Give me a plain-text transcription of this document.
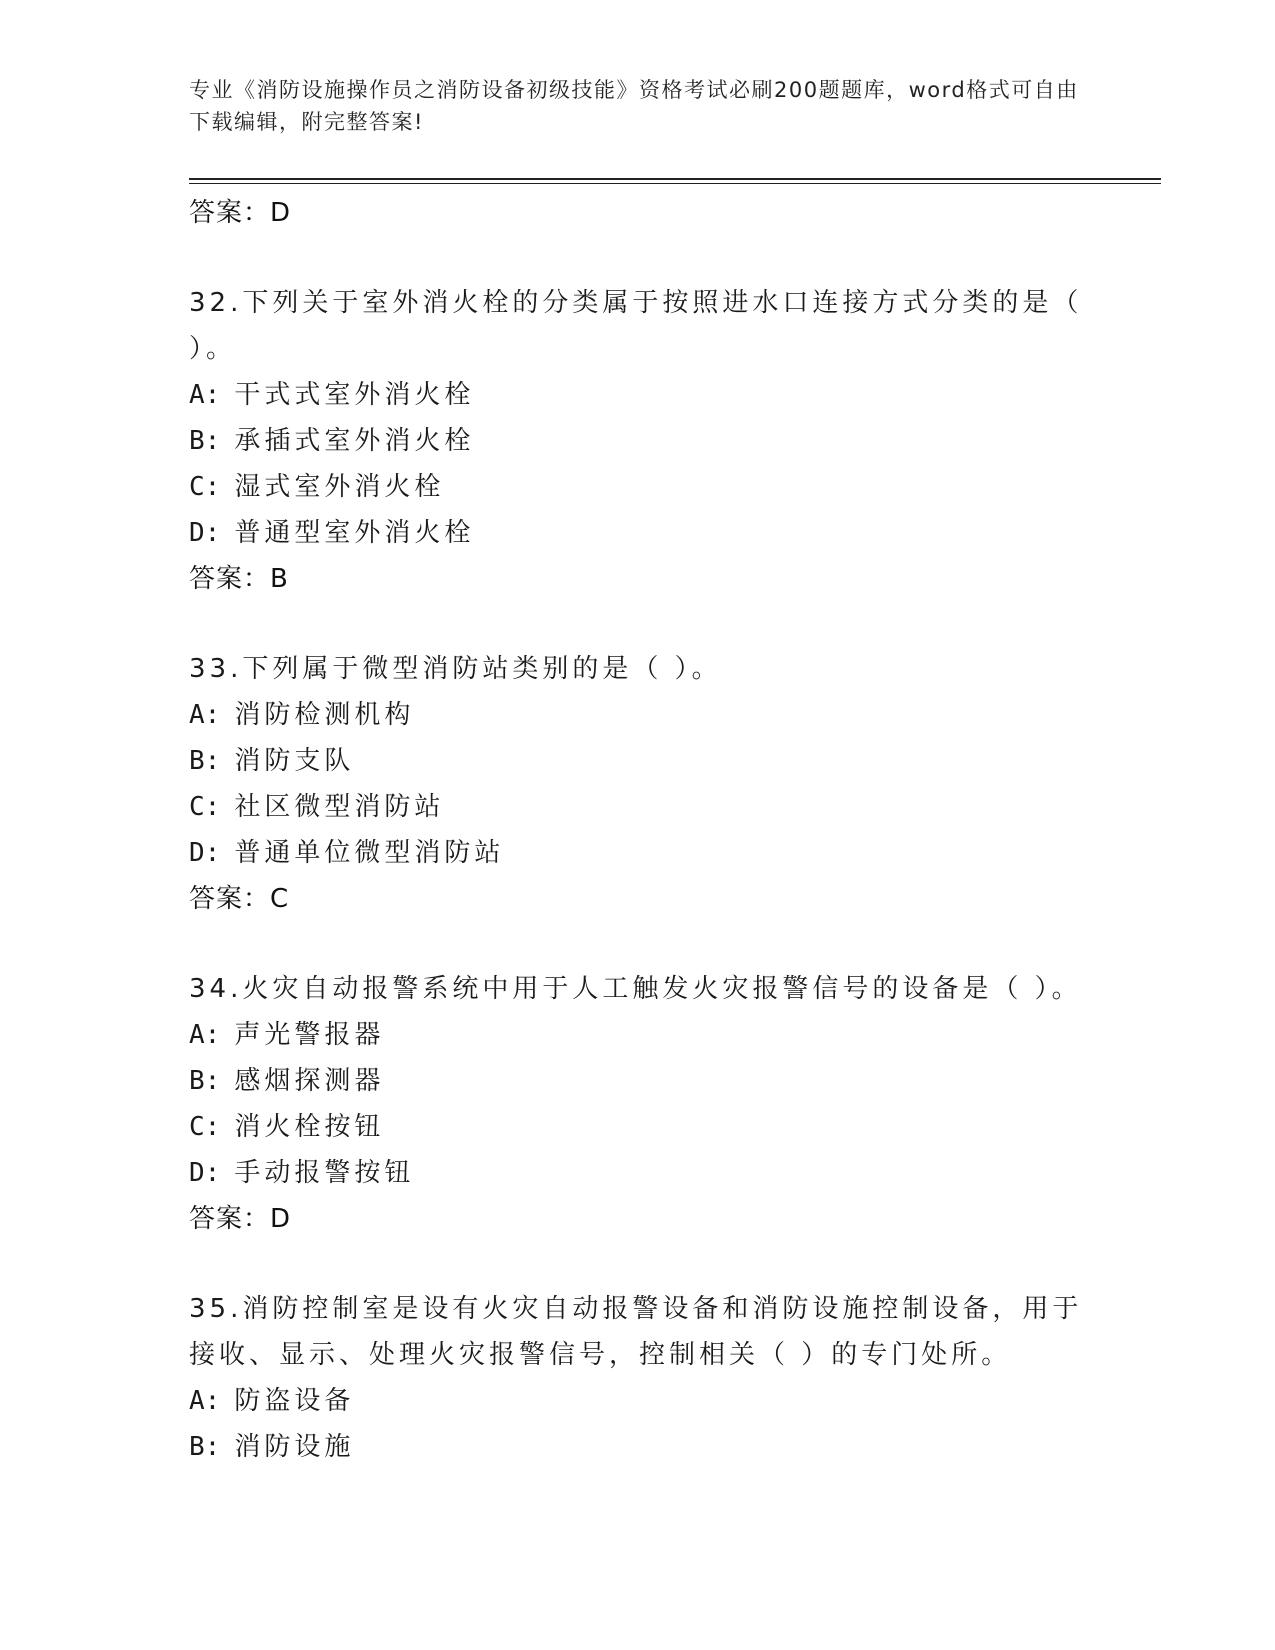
专业《消防设施操作员之消防设备初级技能》资格考试必刷200题题库，word格式可自由下载编辑，附完整答案!
答案：D
32.下列关于室外消火栓的分类属于按照进水口连接方式分类的是（ ）。
A: 干式式室外消火栓
B: 承插式室外消火栓
C: 湿式室外消火栓
D: 普通型室外消火栓
答案：B
33.下列属于微型消防站类别的是（ ）。
A: 消防检测机构
B: 消防支队
C: 社区微型消防站
D: 普通单位微型消防站
答案：C
34.火灾自动报警系统中用于人工触发火灾报警信号的设备是（ ）。
A: 声光警报器
B: 感烟探测器
C: 消火栓按钮
D: 手动报警按钮
答案：D
35.消防控制室是设有火灾自动报警设备和消防设施控制设备，用于接收、显示、处理火灾报警信号，控制相关（ ）的专门处所。
A: 防盗设备
B: 消防设施
